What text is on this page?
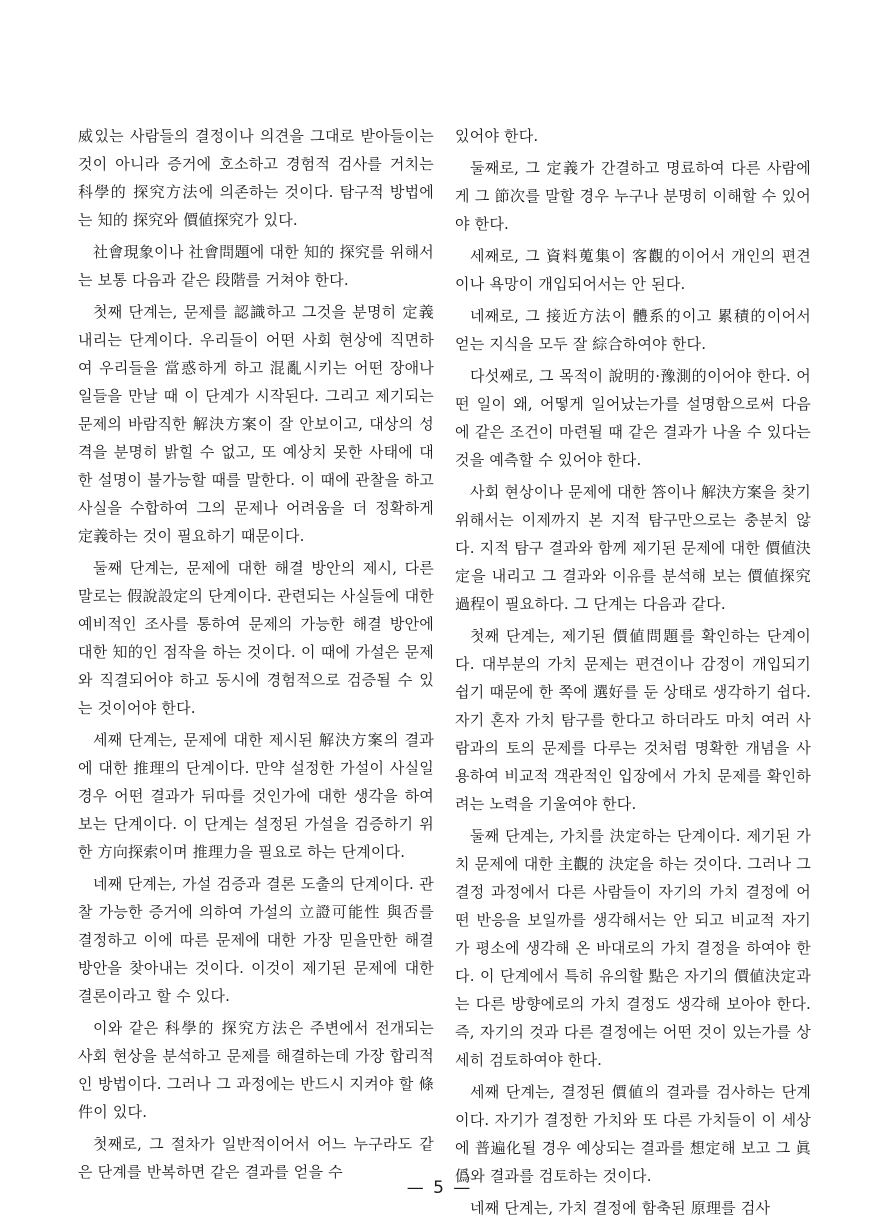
威있는 사람들의 결정이나 의견을 그대로 받아들이는 것이 아니라 증거에 호소하고 경험적 검사를 거치는 科學的 探究方法에 의존하는 것이다. 탐구적 방법에는 知的 探究와 價値探究가 있다.

社會現象이나 社會問題에 대한 知的 探究를 위해서는 보통 다음과 같은 段階를 거쳐야 한다.

첫째 단계는, 문제를 認識하고 그것을 분명히 定義 내리는 단계이다. 우리들이 어떤 사회 현상에 직면하여 우리들을 當惑하게 하고 混亂시키는 어떤 장애나 일들을 만날 때 이 단계가 시작된다. 그리고 제기되는 문제의 바람직한 解決方案이 잘 안보이고, 대상의 성격을 분명히 밝힐 수 없고, 또 예상치 못한 사태에 대한 설명이 불가능할 때를 말한다. 이 때에 관찰을 하고 사실을 수합하여 그의 문제나 어려움을 더 정확하게 定義하는 것이 필요하기 때문이다.

둘째 단계는, 문제에 대한 해결 방안의 제시, 다른 말로는 假說設定의 단계이다. 관련되는 사실들에 대한 예비적인 조사를 통하여 문제의 가능한 해결 방안에 대한 知的인 점작을 하는 것이다. 이 때에 가설은 문제와 직결되어야 하고 동시에 경험적으로 검증될 수 있는 것이어야 한다.

세째 단계는, 문제에 대한 제시된 解決方案의 결과에 대한 推理의 단계이다. 만약 설정한 가설이 사실일 경우 어떤 결과가 뒤따를 것인가에 대한 생각을 하여 보는 단계이다. 이 단계는 설정된 가설을 검증하기 위한 方向探索이며 推理力을 필요로 하는 단계이다.

네째 단계는, 가설 검증과 결론 도출의 단계이다. 관찰 가능한 증거에 의하여 가설의 立證可能性 與否를 결정하고 이에 따른 문제에 대한 가장 믿을만한 해결 방안을 찾아내는 것이다. 이것이 제기된 문제에 대한 결론이라고 할 수 있다.

이와 같은 科學的 探究方法은 주변에서 전개되는 사회 현상을 분석하고 문제를 해결하는데 가장 합리적인 방법이다. 그러나 그 과정에는 반드시 지켜야 할 條件이 있다.

첫째로, 그 절차가 일반적이어서 어느 누구라도 같은 단계를 반복하면 같은 결과를 얻을 수

있어야 한다.

둘째로, 그 定義가 간결하고 명료하여 다른 사람에게 그 節次를 말할 경우 누구나 분명히 이해할 수 있어야 한다.

세째로, 그 資料蒐集이 客觀的이어서 개인의 편견이나 욕망이 개입되어서는 안 된다.

네째로, 그 接近方法이 體系的이고 累積的이어서 얻는 지식을 모두 잘 綜合하여야 한다.

다섯째로, 그 목적이 說明的·豫測的이어야 한다. 어떤 일이 왜, 어떻게 일어났는가를 설명함으로써 다음에 같은 조건이 마련될 때 같은 결과가 나올 수 있다는 것을 예측할 수 있어야 한다.

사회 현상이나 문제에 대한 答이나 解決方案을 찾기 위해서는 이제까지 본 지적 탐구만으로는 충분치 않다. 지적 탐구 결과와 함께 제기된 문제에 대한 價値決定을 내리고 그 결과와 이유를 분석해 보는 價値探究過程이 필요하다. 그 단계는 다음과 같다.

첫째 단계는, 제기된 價値問題를 확인하는 단계이다. 대부분의 가치 문제는 편견이나 감정이 개입되기 쉽기 때문에 한 쪽에 選好를 둔 상태로 생각하기 쉽다. 자기 혼자 가치 탐구를 한다고 하더라도 마치 여러 사람과의 토의 문제를 다루는 것처럼 명확한 개념을 사용하여 비교적 객관적인 입장에서 가치 문제를 확인하려는 노력을 기울여야 한다.

둘째 단계는, 가치를 決定하는 단계이다. 제기된 가치 문제에 대한 主觀的 決定을 하는 것이다. 그러나 그 결정 과정에서 다른 사람들이 자기의 가치 결정에 어떤 반응을 보일까를 생각해서는 안 되고 비교적 자기가 평소에 생각해 온 바대로의 가치 결정을 하여야 한다. 이 단계에서 특히 유의할 點은 자기의 價値決定과는 다른 방향에로의 가치 결정도 생각해 보아야 한다. 즉, 자기의 것과 다른 결정에는 어떤 것이 있는가를 상세히 검토하여야 한다.

세째 단계는, 결정된 價値의 결과를 검사하는 단계이다. 자기가 결정한 가치와 또 다른 가치들이 이 세상에 普遍化될 경우 예상되는 결과를 想定해 보고 그 眞僞와 결과를 검토하는 것이다.

네째 단계는, 가치 결정에 함축된 原理를 검사

— 5 —
